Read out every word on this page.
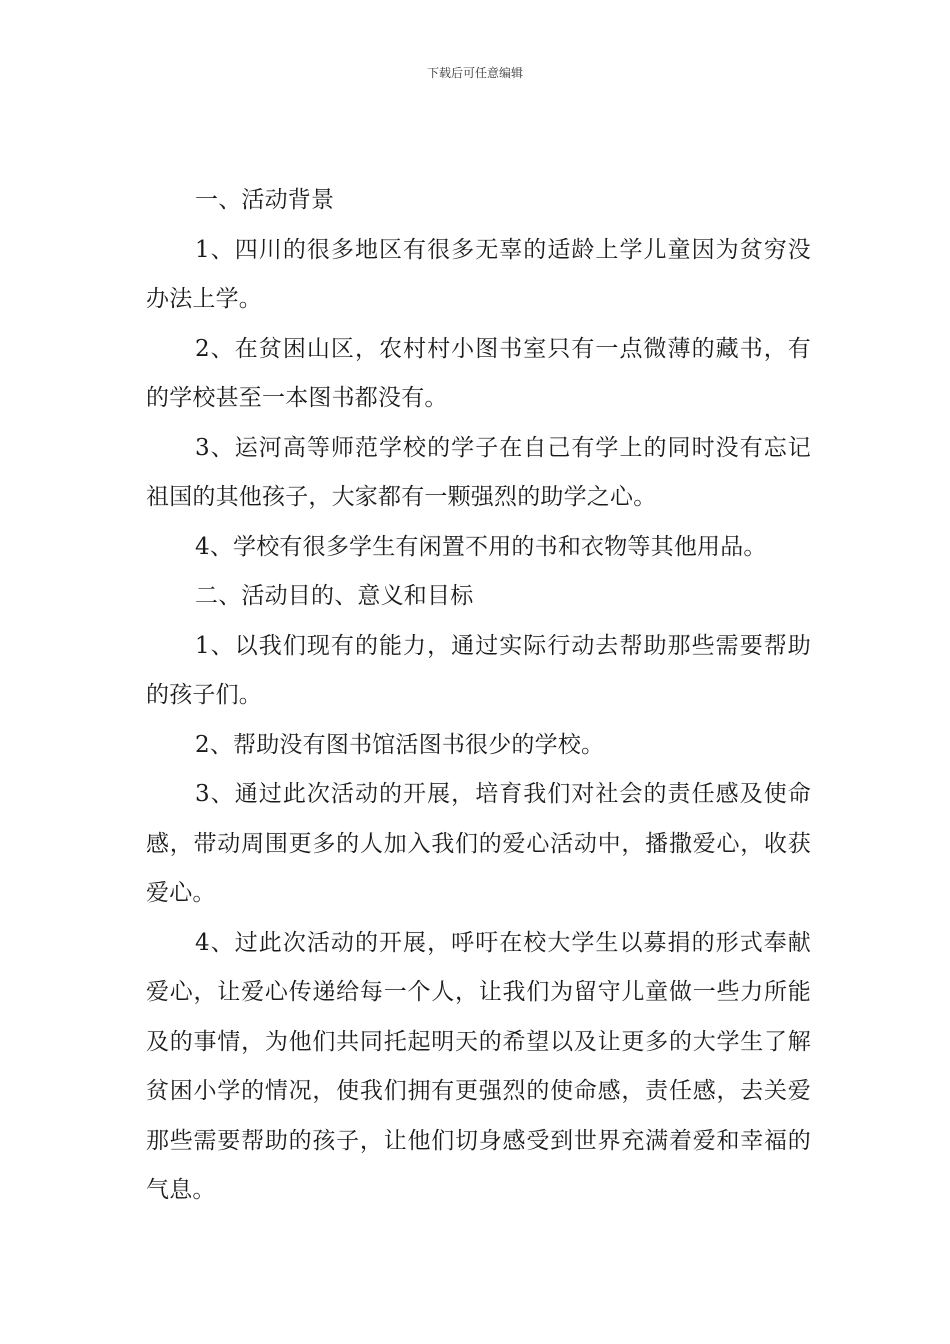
下载后可任意编辑

一、活动背景

1、四川的很多地区有很多无辜的适龄上学儿童因为贫穷没办法上学。

2、在贫困山区，农村村小图书室只有一点微薄的藏书，有的学校甚至一本图书都没有。

3、运河高等师范学校的学子在自己有学上的同时没有忘记祖国的其他孩子，大家都有一颗强烈的助学之心。

4、学校有很多学生有闲置不用的书和衣物等其他用品。

二、活动目的、意义和目标

1、以我们现有的能力，通过实际行动去帮助那些需要帮助的孩子们。

2、帮助没有图书馆活图书很少的学校。

3、通过此次活动的开展，培育我们对社会的责任感及使命感，带动周围更多的人加入我们的爱心活动中，播撒爱心，收获爱心。

4、过此次活动的开展，呼吁在校大学生以募捐的形式奉献爱心，让爱心传递给每一个人，让我们为留守儿童做一些力所能及的事情，为他们共同托起明天的希望以及让更多的大学生了解贫困小学的情况，使我们拥有更强烈的使命感，责任感，去关爱那些需要帮助的孩子，让他们切身感受到世界充满着爱和幸福的气息。
